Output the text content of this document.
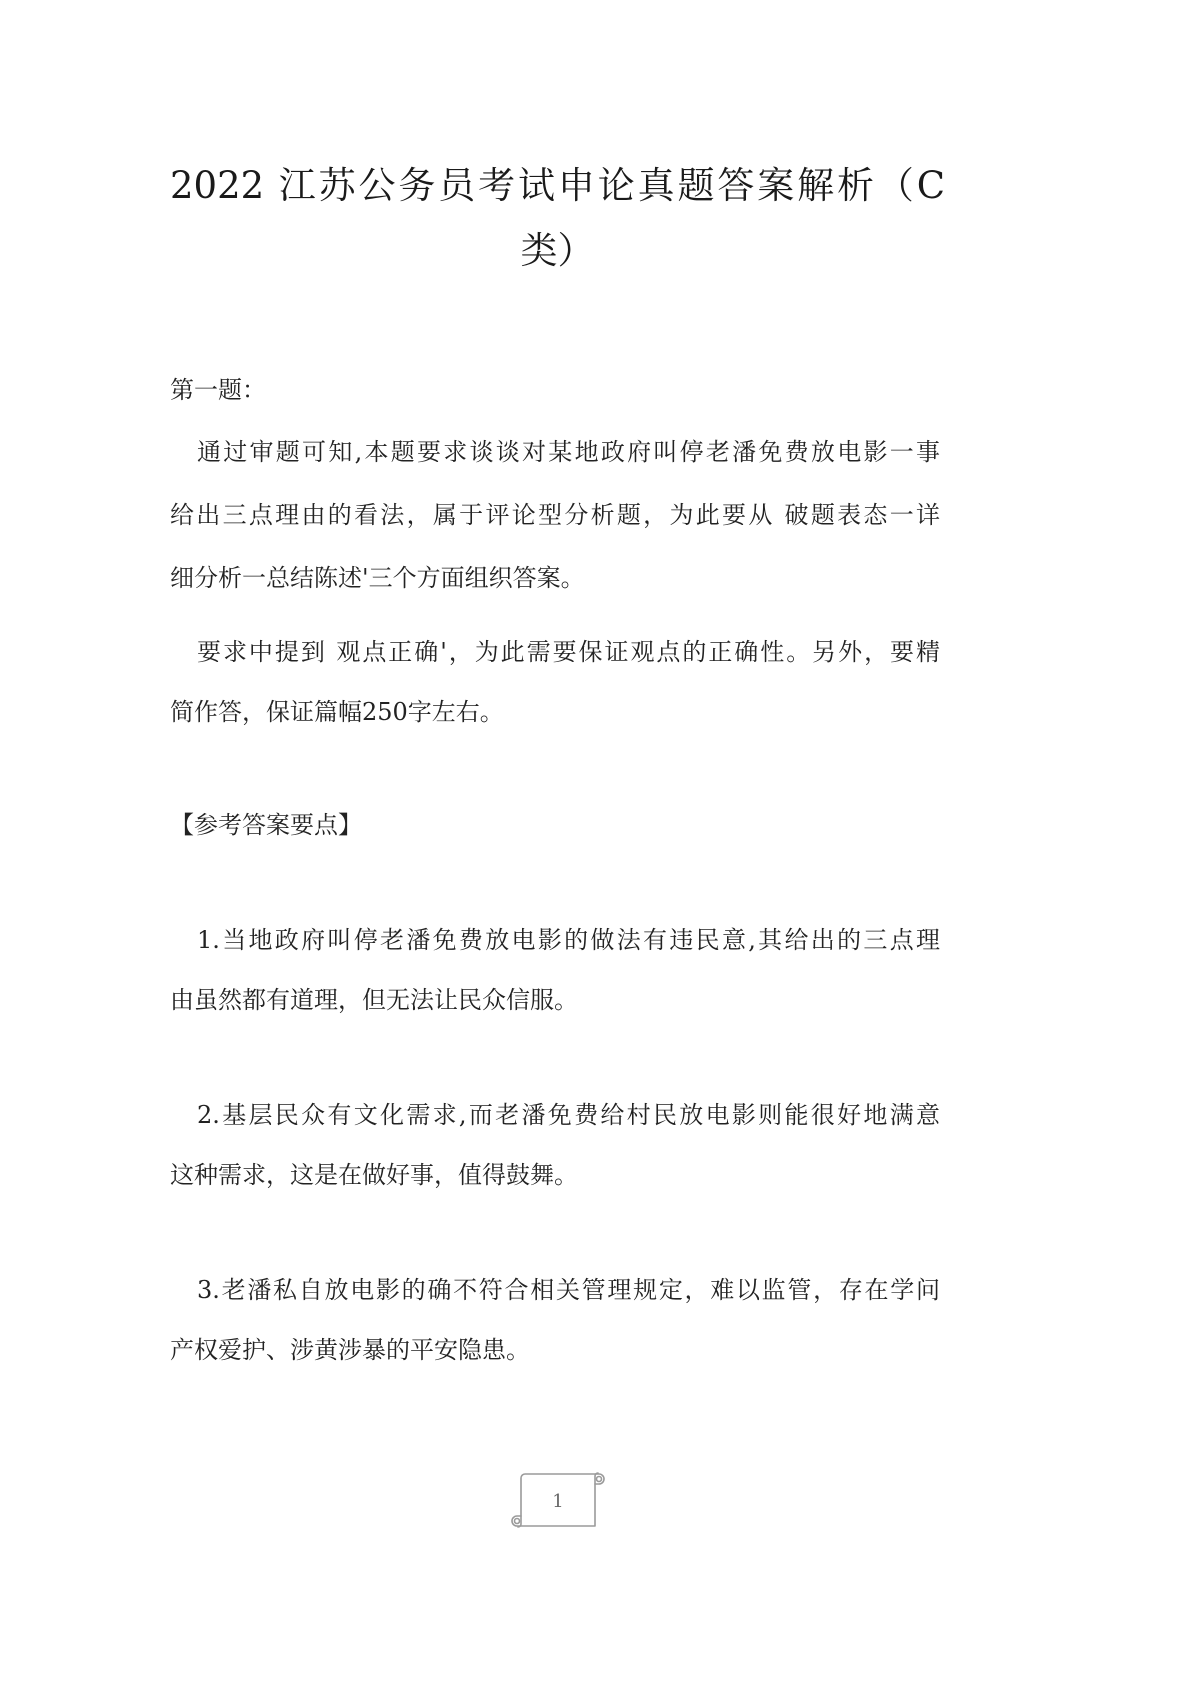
2022 江苏公务员考试申论真题答案解析（C
类）
第一题：
通过审题可知,本题要求谈谈对某地政府叫停老潘免费放电影一事
给出三点理由的看法，属于评论型分析题，为此要从 破题表态一详
细分析一总结陈述'三个方面组织答案。
要求中提到 观点正确'，为此需要保证观点的正确性。另外，要精
简作答，保证篇幅250字左右。
【参考答案要点】
1.当地政府叫停老潘免费放电影的做法有违民意,其给出的三点理
由虽然都有道理，但无法让民众信服。
2.基层民众有文化需求,而老潘免费给村民放电影则能很好地满意
这种需求，这是在做好事，值得鼓舞。
3.老潘私自放电影的确不符合相关管理规定，难以监管，存在学问
产权爱护、涉黄涉暴的平安隐患。
1
